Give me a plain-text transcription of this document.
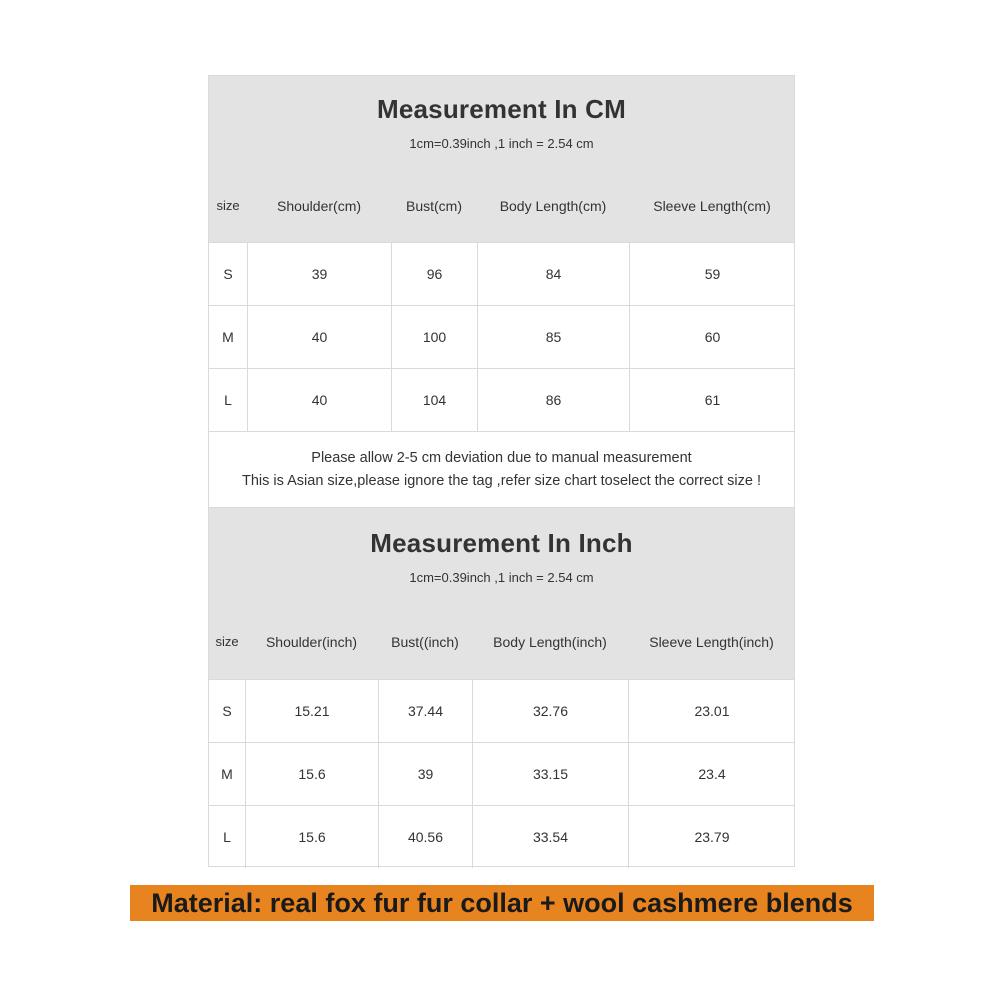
Measurement In CM
1cm=0.39inch ,1 inch = 2.54 cm
size	Shoulder(cm)	Bust(cm)	Body Length(cm)	Sleeve Length(cm)
S	39	96	84	59
M	40	100	85	60
L	40	104	86	61
Please allow 2-5 cm deviation due to manual measurement
This is Asian size,please ignore the tag ,refer size chart toselect the correct size !
Measurement In Inch
1cm=0.39inch ,1 inch = 2.54 cm
size	Shoulder(inch)	Bust((inch)	Body Length(inch)	Sleeve Length(inch)
S	15.21	37.44	32.76	23.01
M	15.6	39	33.15	23.4
L	15.6	40.56	33.54	23.79
Material: real fox fur fur collar + wool cashmere blends
